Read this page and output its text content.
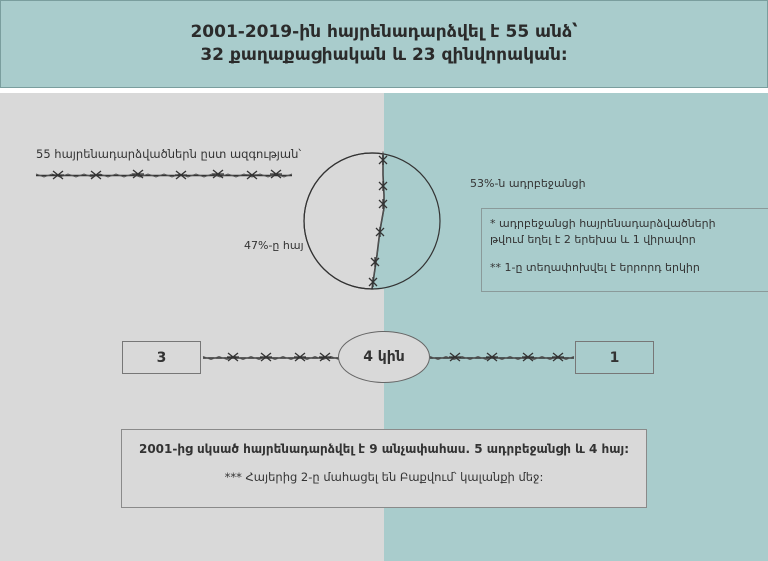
2001-2019-ին հայրենադարձվել է 55 անձ՝
32 քաղաքացիական և 23 զինվորական:
55 հայրենադարձվածներն ըստ ազգության՝
53%-ն ադրբեջանցի
47%-ը հայ

* ադրբեջանցի հայրենադարձվածների

թվում եղել է 2 երեխա և 1 վիրավոր

** 1-ը տեղափոխվել է երրորդ երկիր

3	4 կին	1
2001-ից սկսած հայրենադարձվել է 9 անչափահաս. 5 ադրբեջանցի և 4 հայ:
*** Հայերից 2-ը մահացել են Բաքվում՝ կալանքի մեջ:
